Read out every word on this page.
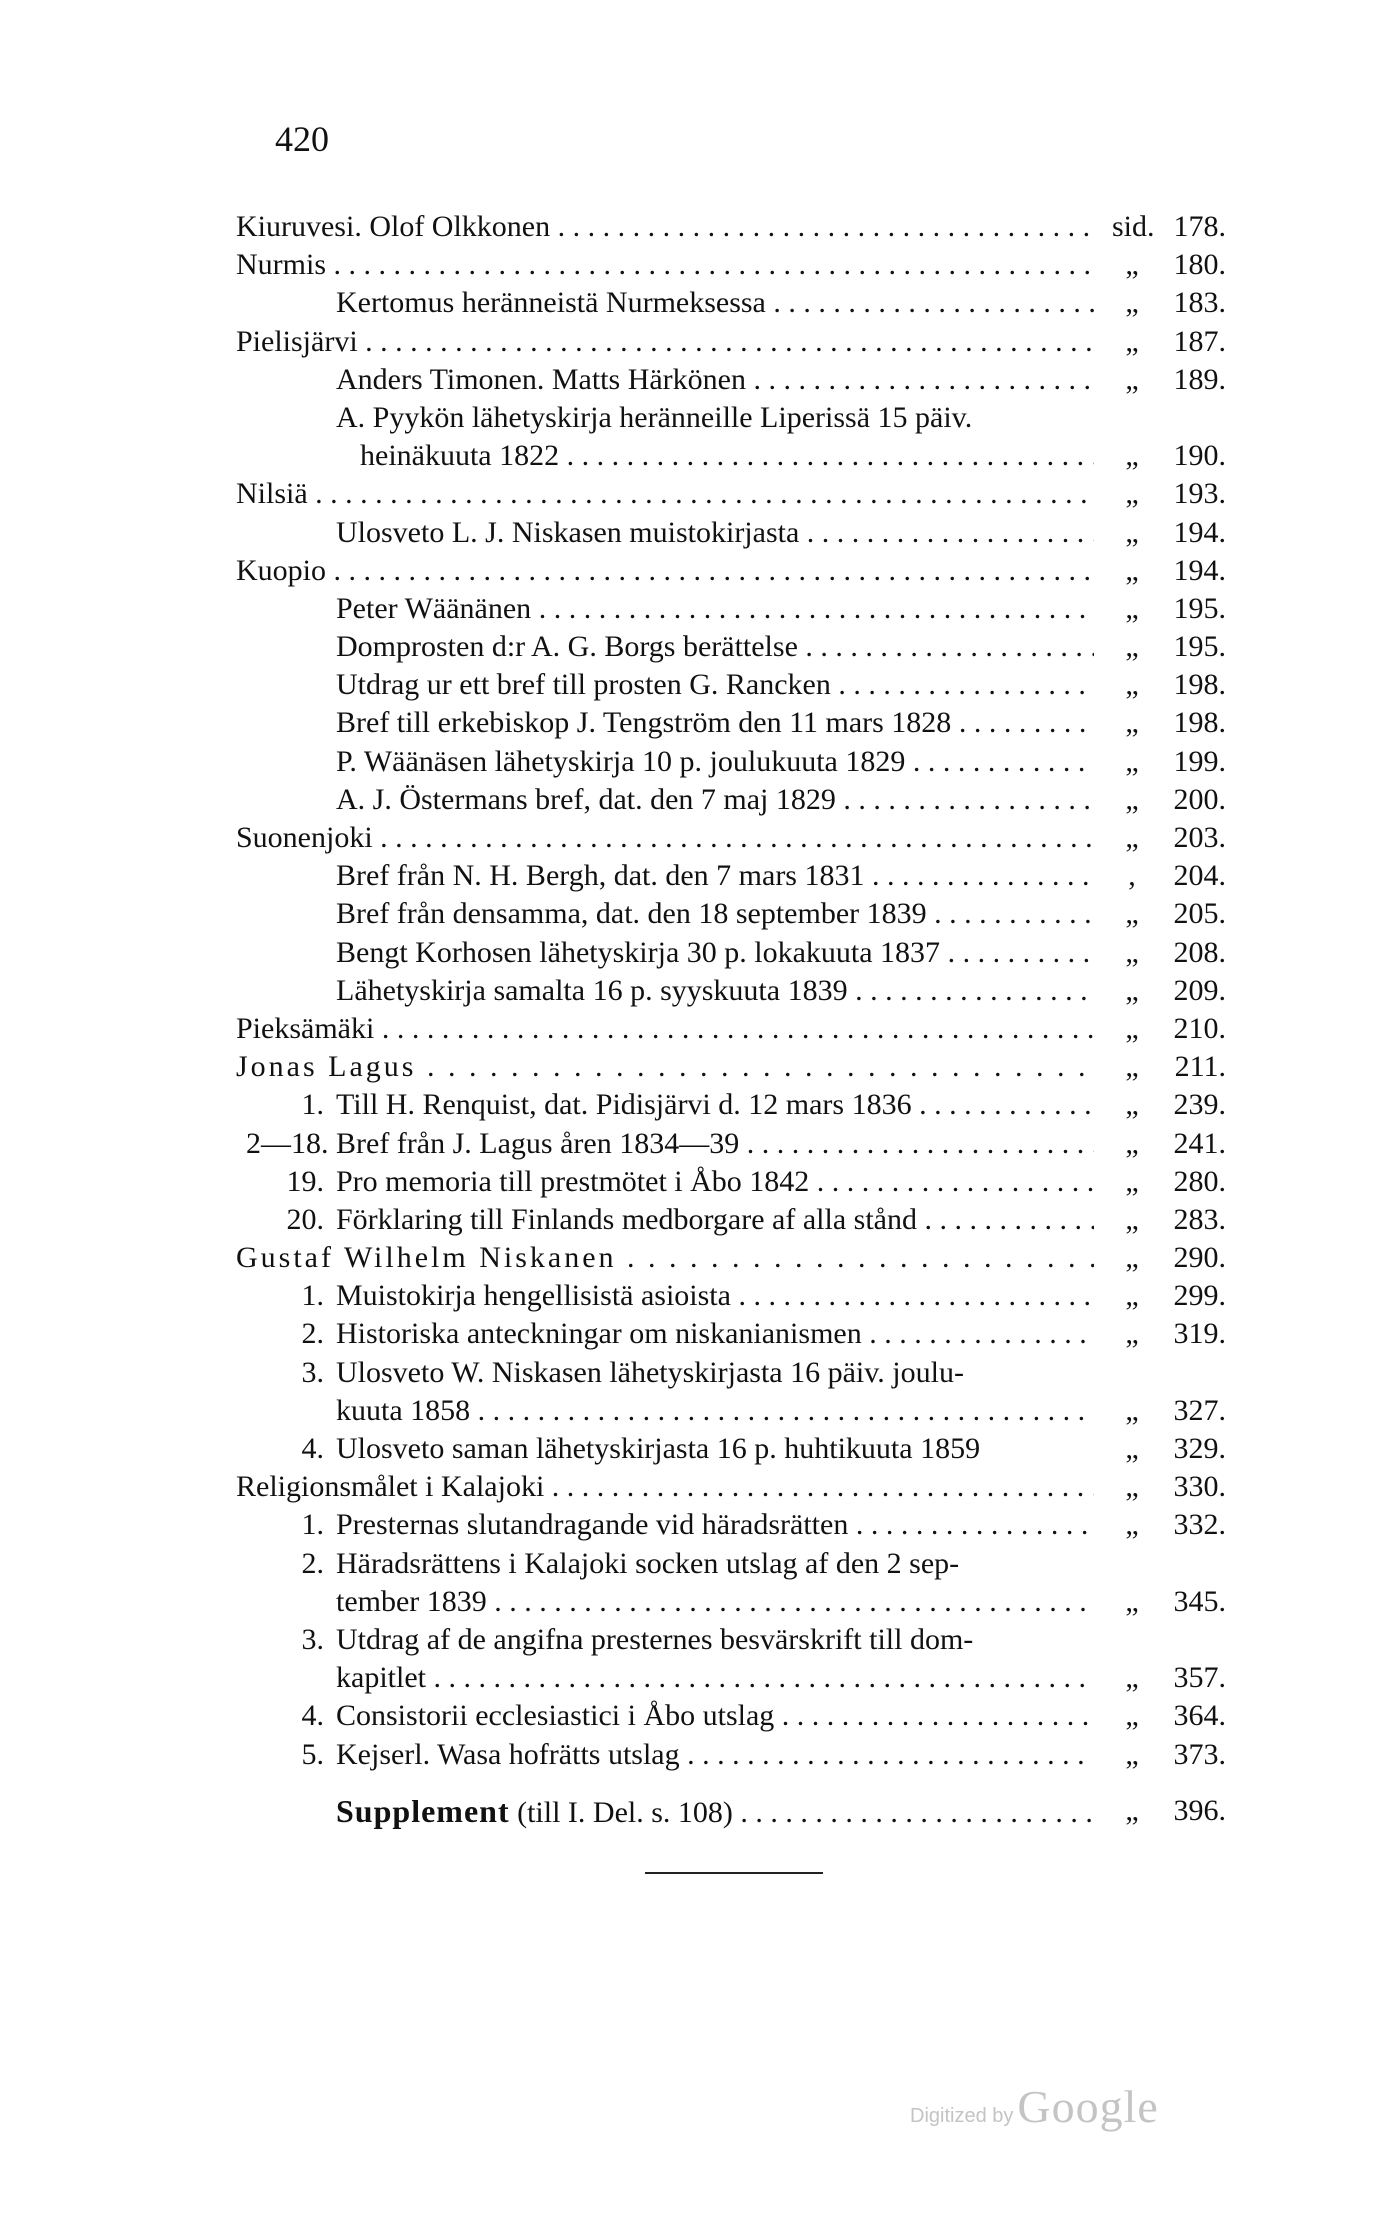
420
Kiuruvesi. Olof Olkkonen . . .	sid. 178.
Nurmis . . .	„	180.
Kertomus heränneistä Nurmeksessa . . .	„	183.
Pielisjärvi . . .	„	187.
Anders Timonen. Matts Härkönen . . .	„	189.
A. Pyykön lähetyskirja heränneille Liperissä 15 päiv.
heinäkuuta 1822 . . .	„	190.
Nilsiä . . .	„	193.
Ulosveto L. J. Niskasen muistokirjasta . . .	„	194.
Kuopio . . .	„	194.
Peter Wäänänen . . .	„	195.
Domprosten d:r A. G. Borgs berättelse . . .	„	195.
Utdrag ur ett bref till prosten G. Rancken . . .	„	198.
Bref till erkebiskop J. Tengström den 11 mars 1828 . . .	„	198.
P. Wäänäsen lähetyskirja 10 p. joulukuuta 1829 . . .	„	199.
A. J. Östermans bref, dat. den 7 maj 1829 . . .	„	200.
Suonenjoki . . .	„	203.
Bref från N. H. Bergh, dat. den 7 mars 1831 . . .	,	204.
Bref från densamma, dat. den 18 september 1839 . . .	„	205.
Bengt Korhosen lähetyskirja 30 p. lokakuuta 1837 . . .	„	208.
Lähetyskirja samalta 16 p. syyskuuta 1839 . . .	„	209.
Pieksämäki . . .	„	210.
Jonas Lagus . . .	„	211.
1. Till H. Renquist, dat. Pidisjärvi d. 12 mars 1836 . . .	„	239.
2—18. Bref från J. Lagus åren 1834—39 . . .	„	241.
19. Pro memoria till prestmötet i Åbo 1842 . . .	„	280.
20. Förklaring till Finlands medborgare af alla stånd . . .	„	283.
Gustaf Wilhelm Niskanen . . .	„	290.
1. Muistokirja hengellisistä asioista . . .	„	299.
2. Historiska anteckningar om niskanianismen . . .	„	319.
3. Ulosveto W. Niskasen lähetyskirjasta 16 päiv. joulu-
kuuta 1858 . . .	„	327.
4. Ulosveto saman lähetyskirjasta 16 p. huhtikuuta 1859	„	329.
Religionsmålet i Kalajoki . . .	„	330.
1. Presternas slutandragande vid häradsrätten . . .	„	332.
2. Häradsrättens i Kalajoki socken utslag af den 2 sep-
tember 1839 . . .	„	345.
3. Utdrag af de angifna presternes besvärskrift till dom-
kapitlet . . .	„	357.
4. Consistorii ecclesiastici i Åbo utslag . . .	„	364.
5. Kejserl. Wasa hofrätts utslag . . .	„	373.
Supplement (till I. Del. s. 108) . . .	„	396.
Digitized by Google
